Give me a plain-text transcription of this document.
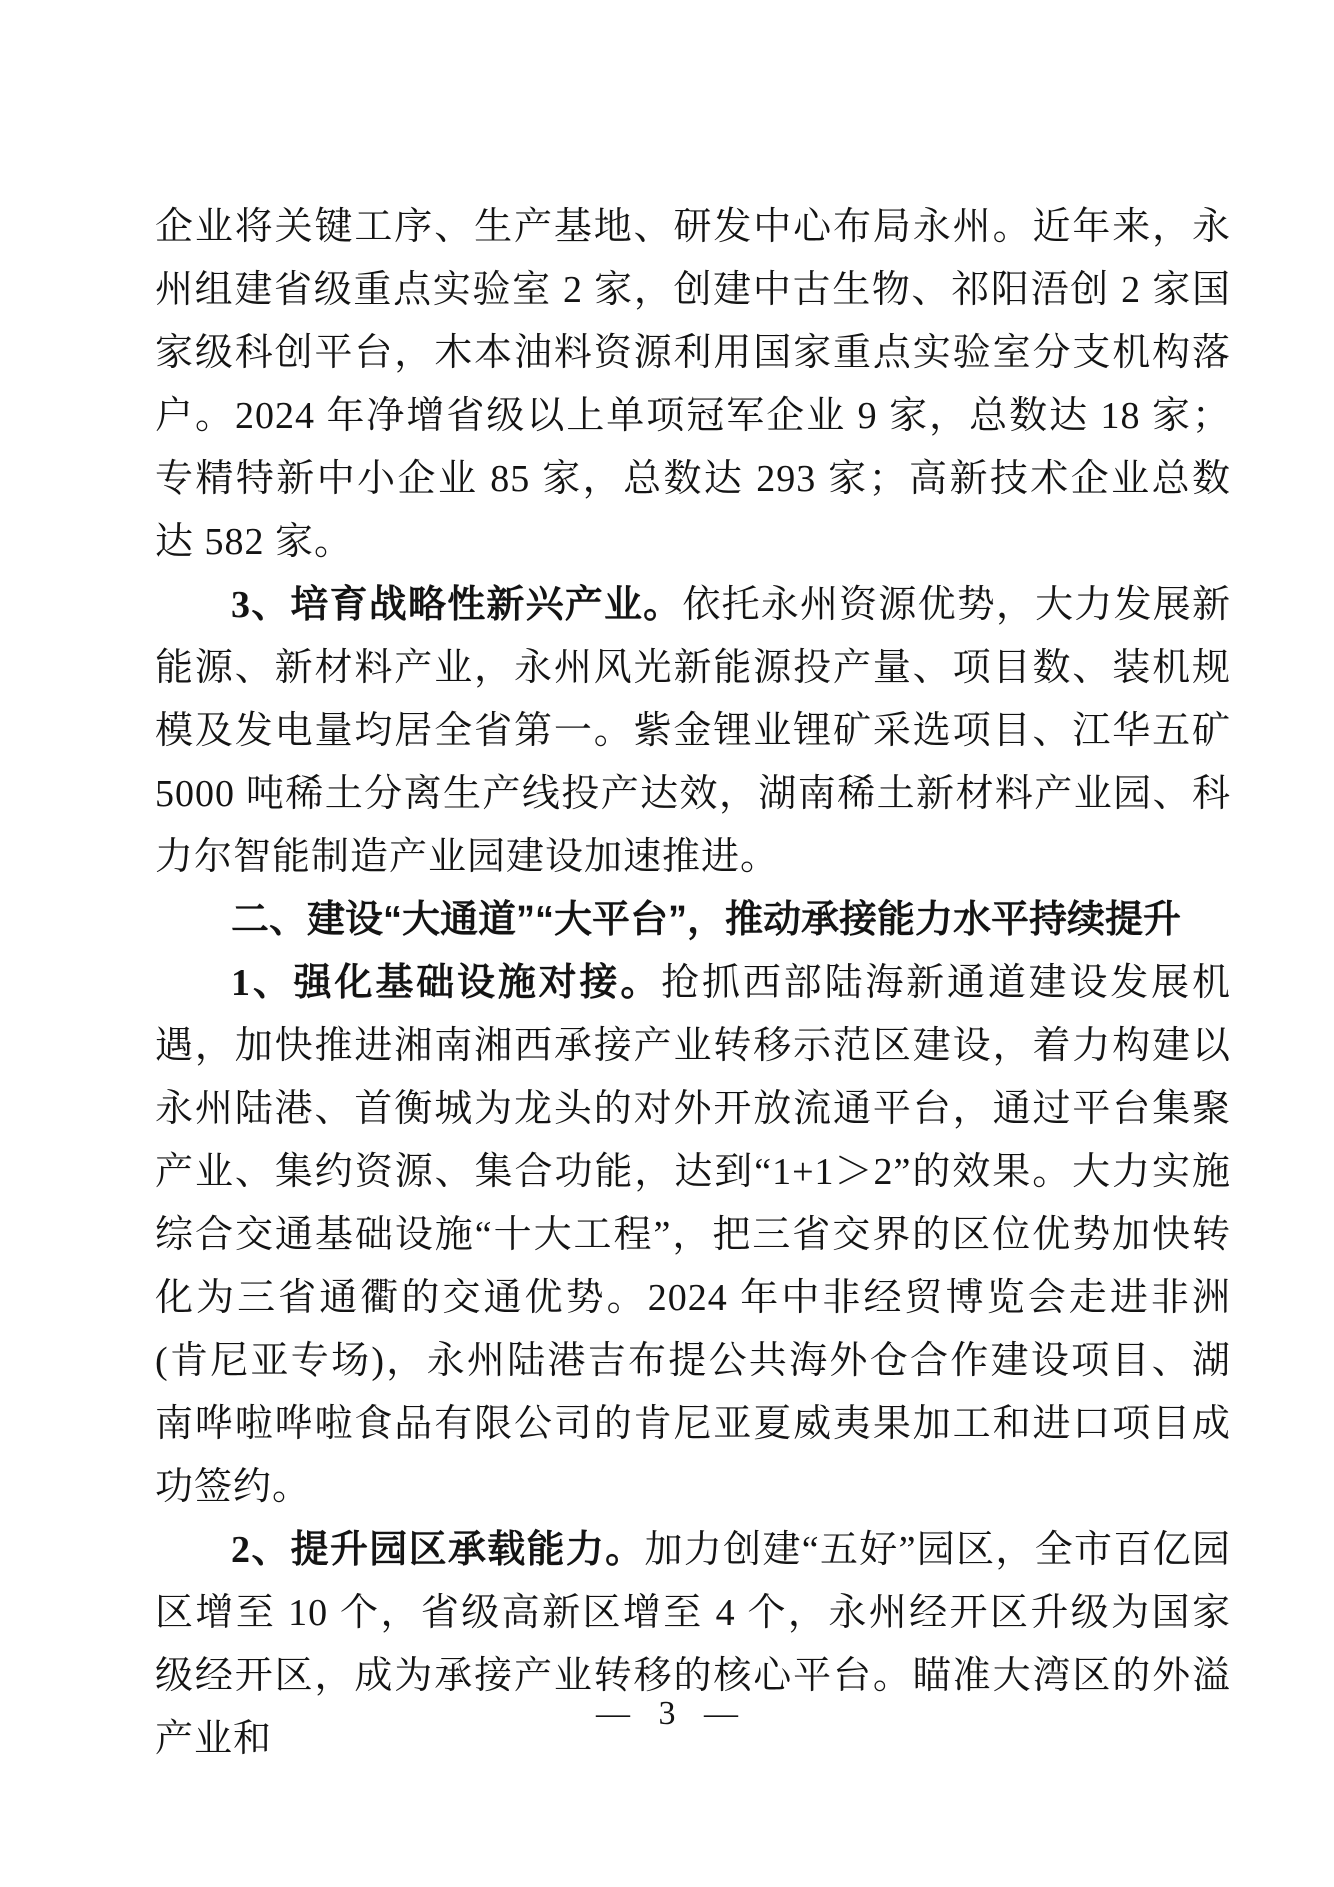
企业将关键工序、生产基地、研发中心布局永州。近年来，永州组建省级重点实验室 2 家，创建中古生物、祁阳浯创 2 家国家级科创平台，木本油料资源利用国家重点实验室分支机构落户。2024 年净增省级以上单项冠军企业 9 家，总数达 18 家；专精特新中小企业 85 家，总数达 293 家；高新技术企业总数达 582 家。

3、培育战略性新兴产业。依托永州资源优势，大力发展新能源、新材料产业，永州风光新能源投产量、项目数、装机规模及发电量均居全省第一。紫金锂业锂矿采选项目、江华五矿 5000 吨稀土分离生产线投产达效，湖南稀土新材料产业园、科力尔智能制造产业园建设加速推进。

二、建设“大通道”“大平台”，推动承接能力水平持续提升

1、强化基础设施对接。抢抓西部陆海新通道建设发展机遇，加快推进湘南湘西承接产业转移示范区建设，着力构建以永州陆港、首衡城为龙头的对外开放流通平台，通过平台集聚产业、集约资源、集合功能，达到“1+1＞2”的效果。大力实施综合交通基础设施“十大工程”，把三省交界的区位优势加快转化为三省通衢的交通优势。2024 年中非经贸博览会走进非洲(肯尼亚专场)，永州陆港吉布提公共海外仓合作建设项目、湖南哗啦哗啦食品有限公司的肯尼亚夏威夷果加工和进口项目成功签约。

2、提升园区承载能力。加力创建“五好”园区，全市百亿园区增至 10 个，省级高新区增至 4 个，永州经开区升级为国家级经开区，成为承接产业转移的核心平台。瞄准大湾区的外溢产业和

— 3 —
